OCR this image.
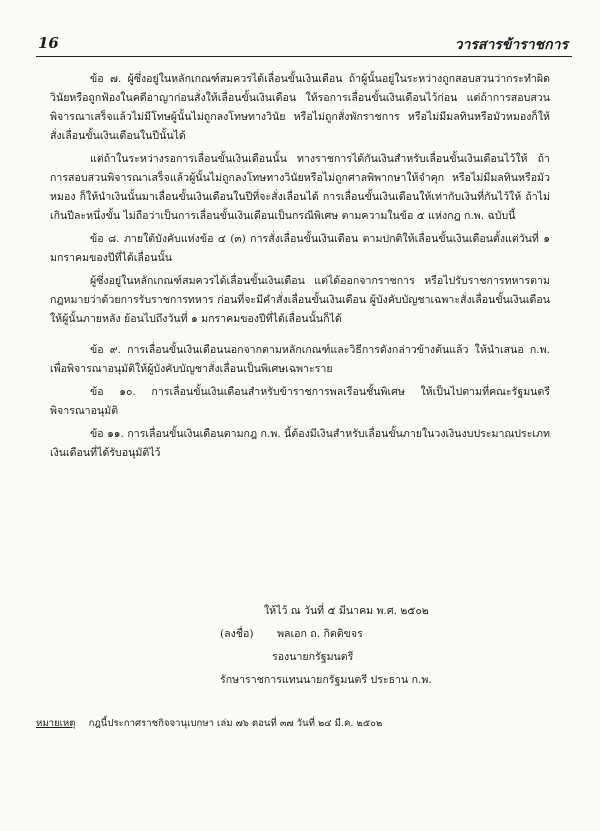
16	วารสารข้าราชการ

ข้อ ๗. ผู้ซึ่งอยู่ในหลักเกณฑ์สมควรได้เลื่อนขั้นเงินเดือน ถ้าผู้นั้นอยู่ในระหว่างถูกสอบสวนว่ากระทำผิดวินัยหรือถูกฟ้องในคดีอาญาก่อนสั่งให้เลื่อนขั้นเงินเดือน ให้รอการเลื่อนขั้นเงินเดือนไว้ก่อน แต่ถ้าการสอบสวนพิจารณาเสร็จแล้วไม่มีโทษผู้นั้นไม่ถูกลงโทษทางวินัย หรือไม่ถูกสั่งพักราชการ หรือไม่มีมลทินหรือมัวหมองก็ให้สั่งเลื่อนขั้นเงินเดือนในปีนั้นได้

แต่ถ้าในระหว่างรอการเลื่อนขั้นเงินเดือนนั้น ทางราชการได้กันเงินสำหรับเลื่อนขั้นเงินเดือนไว้ให้ ถ้าการสอบสวนพิจารณาเสร็จแล้วผู้นั้นไม่ถูกลงโทษทางวินัยหรือไม่ถูกศาลพิพากษาให้จำคุก หรือไม่มีมลทินหรือมัวหมอง ก็ให้นำเงินนั้นมาเลื่อนขั้นเงินเดือนในปีที่จะสั่งเลื่อนได้ การเลื่อนขั้นเงินเดือนให้เท่ากับเงินที่กันไว้ให้ ถ้าไม่เกินปีละหนึ่งขั้น ไม่ถือว่าเป็นการเลื่อนขั้นเงินเดือนเป็นกรณีพิเศษ ตามความในข้อ ๕ แห่งกฎ ก.พ. ฉบับนี้

ข้อ ๘. ภายใต้บังคับแห่งข้อ ๔ (๓) การสั่งเลื่อนขั้นเงินเดือน ตามปกติให้เลื่อนขั้นเงินเดือนตั้งแต่วันที่ ๑ มกราคมของปีที่ได้เลื่อนนั้น

ผู้ซึ่งอยู่ในหลักเกณฑ์สมควรได้เลื่อนขั้นเงินเดือน แต่ได้ออกจากราชการ หรือไปรับราชการทหารตามกฎหมายว่าด้วยการรับราชการทหาร ก่อนที่จะมีคำสั่งเลื่อนขั้นเงินเดือน ผู้บังคับบัญชาเฉพาะสั่งเลื่อนขั้นเงินเดือนให้ผู้นั้นภายหลัง ย้อนไปถึงวันที่ ๑ มกราคมของปีที่ได้เลื่อนนั้นก็ได้

ข้อ ๙. การเลื่อนขั้นเงินเดือนนอกจากตามหลักเกณฑ์และวิธีการดังกล่าวข้างต้นแล้ว ให้นำเสนอ ก.พ. เพื่อพิจารณาอนุมัติให้ผู้บังคับบัญชาสั่งเลื่อนเป็นพิเศษเฉพาะราย

ข้อ ๑๐. การเลื่อนขั้นเงินเดือนสำหรับข้าราชการพลเรือนชั้นพิเศษ ให้เป็นไปตามที่คณะรัฐมนตรีพิจารณาอนุมัติ

ข้อ ๑๑. การเลื่อนขั้นเงินเดือนตามกฎ ก.พ. นี้ต้องมีเงินสำหรับเลื่อนขั้นภายในวงเงินงบประมาณประเภทเงินเดือนที่ได้รับอนุมัติไว้

ให้ไว้ ณ วันที่ ๕ มีนาคม พ.ศ. ๒๕๐๒
(ลงชื่อ) พลเอก ถ. กิตติขจร
รองนายกรัฐมนตรี
รักษาราชการแทนนายกรัฐมนตรี ประธาน ก.พ.
หมายเหตุ กฎนี้ประกาศราชกิจจานุเบกษา เล่ม ๗๖ ตอนที่ ๓๗ วันที่ ๒๔ มี.ค. ๒๕๐๒
